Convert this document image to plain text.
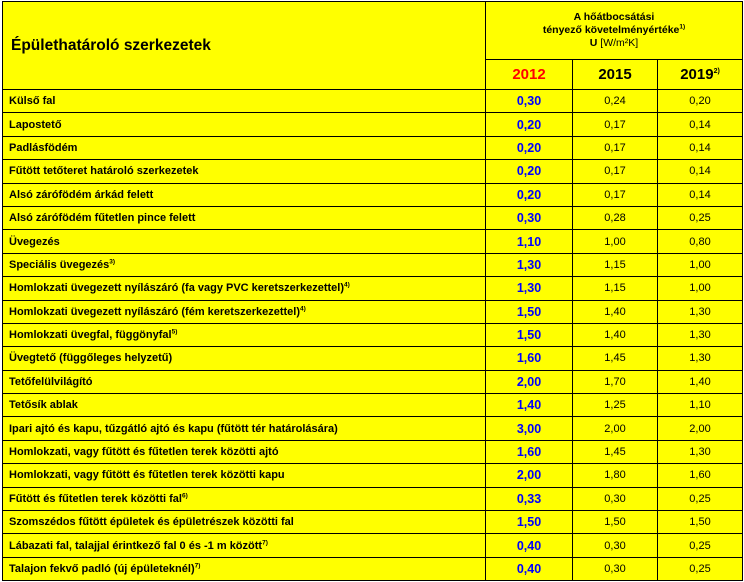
Épülethatároló szerkezetek	A hőátbocsátási
tényező követelményértéke$^{1)}$
U [W/m²K]		
	2012	2015	2019$^{2)}$
Külső fal	0,30	0,24	0,20
Lapostető	0,20	0,17	0,14
Padlásfödém	0,20	0,17	0,14
Fűtött tetőteret határoló szerkezetek	0,20	0,17	0,14
Alsó zárófödém árkád felett	0,20	0,17	0,14
Alsó zárófödém fűtetlen pince felett	0,30	0,28	0,25
Üvegezés	1,10	1,00	0,80
Speciális üvegezés$^{3)}$	1,30	1,15	1,00
Homlokzati üvegezett nyílászáró (fa vagy PVC keretszerkezettel)$^{4)}$	1,30	1,15	1,00
Homlokzati üvegezett nyílászáró (fém keretszerkezettel)$^{4)}$	1,50	1,40	1,30
Homlokzati üvegfal, függönyfal$^{5)}$	1,50	1,40	1,30
Üvegtető (függőleges helyzetű)	1,60	1,45	1,30
Tetőfelülvilágító	2,00	1,70	1,40
Tetősík ablak	1,40	1,25	1,10
Ipari ajtó és kapu, tűzgátló ajtó és kapu (fűtött tér határolására)	3,00	2,00	2,00
Homlokzati, vagy fűtött és fűtetlen terek közötti ajtó	1,60	1,45	1,30
Homlokzati, vagy fűtött és fűtetlen terek közötti kapu	2,00	1,80	1,60
Fűtött és fűtetlen terek közötti fal$^{6)}$	0,33	0,30	0,25
Szomszédos fűtött épületek és épületrészek közötti fal	1,50	1,50	1,50
Lábazati fal, talajjal érintkező fal 0 és -1 m között$^{7)}$	0,40	0,30	0,25
Talajon fekvő padló (új épületeknél)$^{7)}$	0,40	0,30	0,25
